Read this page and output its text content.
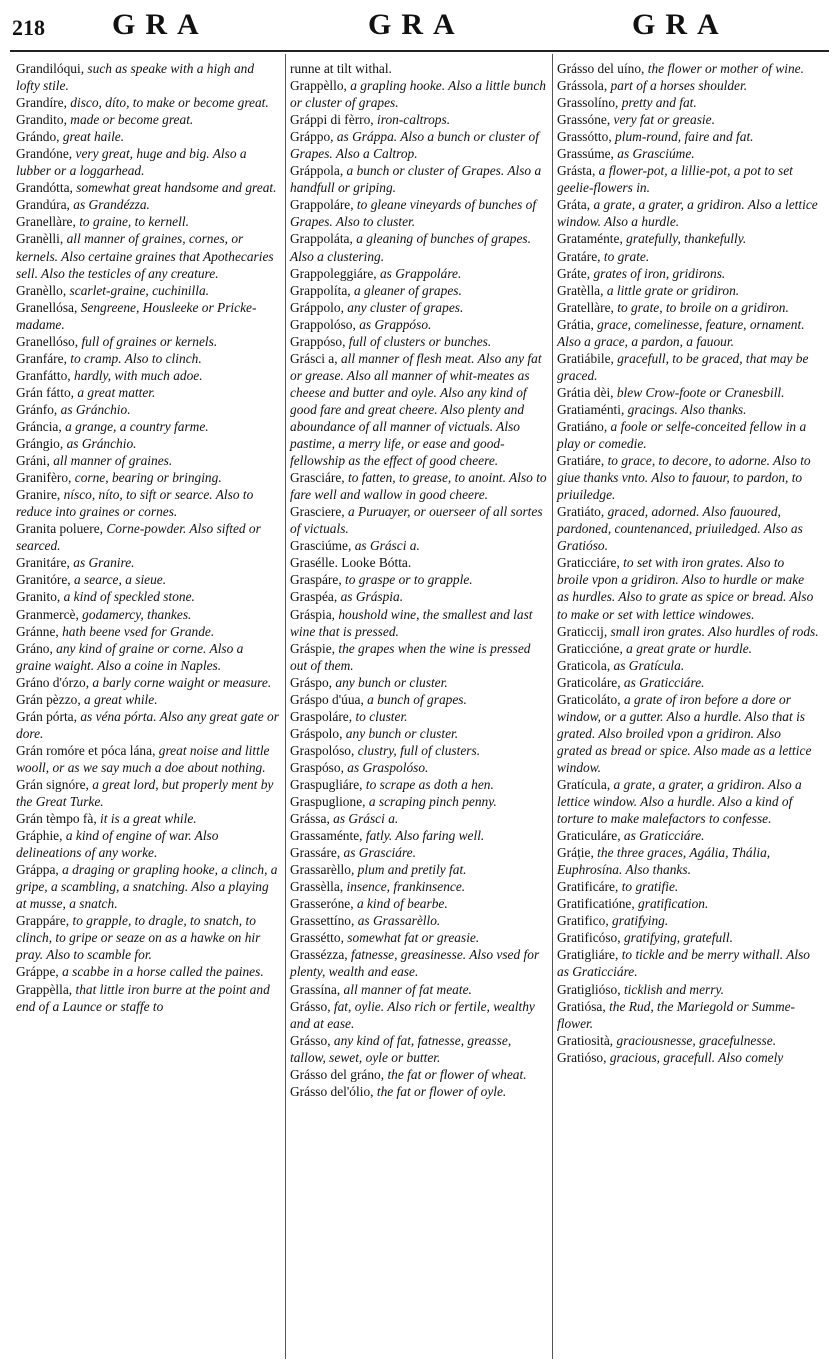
218 GRA	GRA	GRA

Grandilóqui, such as speake with a high and lofty stile.

Grandíre, disco, díto, to make or become great.

Grandito, made or become great.

Grándo, great haile.

Grandóne, very great, huge and big. Also a lubber or a loggarhead.

Grandótta, somewhat great handsome and great.

Grandúra, as Grandézza.

Granellàre, to graine, to kernell.

Granèlli, all manner of graines, cornes, or kernels. Also certaine graines that Apothecaries sell. Also the testicles of any creature.

Granèllo, scarlet-graine, cuchinilla.

Granellósa, Sengreene, Housleeke or Pricke-madame.

Granellóso, full of graines or kernels.

Granfáre, to cramp. Also to clinch.

Granfátto, hardly, with much adoe.

Grán fátto, a great matter.

Gránfo, as Gránchio.

Gráncia, a grange, a country farme.

Grángio, as Gránchio.

Gráni, all manner of graines.

Granifèro, corne, bearing or bringing.

Granire, nísco, níto, to sift or searce. Also to reduce into graines or cornes.

Granita poluere, Corne-powder. Also sifted or searced.

Granitáre, as Granire.

Granitóre, a searce, a sieue.

Granito, a kind of speckled stone.

Granmercè, godamercy, thankes.

Gránne, hath beene vsed for Grande.

Gráno, any kind of graine or corne. Also a graine waight. Also a coine in Naples.

Gráno d'órzo, a barly corne waight or measure.

Grán pèzzo, a great while.

Grán pórta, as véna pórta. Also any great gate or dore.

Grán romóre et póca lána, great noise and little wooll, or as we say much a doe about nothing.

Grán signóre, a great lord, but properly ment by the Great Turke.

Grán tèmpo fà, it is a great while.

Gráphie, a kind of engine of war. Also delineations of any worke.

Gráppa, a draging or grapling hooke, a clinch, a gripe, a scambling, a snatching. Also a playing at musse, a snatch.

Grappáre, to grapple, to dragle, to snatch, to clinch, to gripe or seaze on as a hawke on hir pray. Also to scamble for.

Gráppe, a scabbe in a horse called the paines.

Grappèlla, that little iron burre at the point and end of a Launce or staffe to

runne at tilt withal.

Grappèllo, a grapling hooke. Also a little bunch or cluster of grapes.

Gráppi di fèrro, iron-caltrops.

Gráppo, as Gráppa. Also a bunch or cluster of Grapes. Also a Caltrop.

Gráppola, a bunch or cluster of Grapes. Also a handfull or griping.

Grappoláre, to gleane vineyards of bunches of Grapes. Also to cluster.

Grappoláta, a gleaning of bunches of grapes. Also a clustering.

Grappoleggiáre, as Grappoláre.

Grappolíta, a gleaner of grapes.

Gráppolo, any cluster of grapes.

Grappolóso, as Grappóso.

Grappóso, full of clusters or bunches.

Grásci a, all manner of flesh meat. Also any fat or grease. Also all manner of whit-meates as cheese and butter and oyle. Also any kind of good fare and great cheere. Also plenty and aboundance of all manner of victuals. Also pastime, a merry life, or ease and good-fellowship as the effect of good cheere.

Grasciáre, to fatten, to grease, to anoint. Also to fare well and wallow in good cheere.

Grasciere, a Puruayer, or ouerseer of all sortes of victuals.

Grasciúme, as Grásci a.

Grasélle. Looke Bótta.

Graspáre, to graspe or to grapple.

Graspéa, as Gráspia.

Gráspia, houshold wine, the smallest and last wine that is pressed.

Gráspie, the grapes when the wine is pressed out of them.

Gráspo, any bunch or cluster.

Gráspo d'úua, a bunch of grapes.

Graspoláre, to cluster.

Gráspolo, any bunch or cluster.

Graspolóso, clustry, full of clusters.

Graspóso, as Graspolóso.

Graspugliáre, to scrape as doth a hen.

Graspuglione, a scraping pinch penny.

Grássa, as Grásci a.

Grassaménte, fatly. Also faring well.

Grassáre, as Grasciáre.

Grassarèllo, plum and pretily fat.

Grassèlla, insence, frankinsence.

Grasseróne, a kind of bearbe.

Grassettíno, as Grassarèllo.

Grassétto, somewhat fat or greasie.

Grassézza, fatnesse, greasinesse. Also vsed for plenty, wealth and ease.

Grassína, all manner of fat meate.

Grásso, fat, oylie. Also rich or fertile, wealthy and at ease.

Grásso, any kind of fat, fatnesse, greasse, tallow, sewet, oyle or butter.

Grásso del gráno, the fat or flower of wheat.

Grásso del'ólio, the fat or flower of oyle.

Grásso del uíno, the flower or mother of wine.

Grássola, part of a horses shoulder.

Grassolíno, pretty and fat.

Grassóne, very fat or greasie.

Grassótto, plum-round, faire and fat.

Grassúme, as Grasciúme.

Grásta, a flower-pot, a lillie-pot, a pot to set geelie-flowers in.

Gráta, a grate, a grater, a gridiron. Also a lettice window. Also a hurdle.

Grataménte, gratefully, thankefully.

Gratáre, to grate.

Gráte, grates of iron, gridirons.

Gratèlla, a little grate or gridiron.

Gratellàre, to grate, to broile on a gridiron.

Grátia, grace, comelinesse, feature, ornament. Also a grace, a pardon, a fauour.

Gratiábile, gracefull, to be graced, that may be graced.

Grátia dèi, blew Crow-foote or Cranesbill.

Gratiaménti, gracings. Also thanks.

Gratiáno, a foole or selfe-conceited fellow in a play or comedie.

Gratiáre, to grace, to decore, to adorne. Also to giue thanks vnto. Also to fauour, to pardon, to priuiledge.

Gratiáto, graced, adorned. Also fauoured, pardoned, countenanced, priuiledged. Also as Gratióso.

Graticciáre, to set with iron grates. Also to broile vpon a gridiron. Also to hurdle or make as hurdles. Also to grate as spice or bread. Also to make or set with lettice windowes.

Graticcij, small iron grates. Also hurdles of rods.

Graticcióne, a great grate or hurdle.

Graticola, as Gratícula.

Graticoláre, as Graticciáre.

Graticoláto, a grate of iron before a dore or window, or a gutter. Also a hurdle. Also that is grated. Also broiled vpon a gridiron. Also grated as bread or spice. Also made as a lettice window.

Gratícula, a grate, a grater, a gridiron. Also a lettice window. Also a hurdle. Also a kind of torture to make malefactors to confesse.

Graticuláre, as Graticciáre.

Gráție, the three graces, Agália, Thália, Euphrosína. Also thanks.

Gratificáre, to gratifie.

Gratificatióne, gratification.

Gratifico, gratifying.

Gratificóso, gratifying, gratefull.

Gratigliáre, to tickle and be merry withall. Also as Graticciáre.

Gratiglióso, ticklish and merry.

Gratiósa, the Rud, the Mariegold or Summe-flower.

Gratiosità, graciousnesse, gracefulnesse.

Gratióso, gracious, gracefull. Also comely
